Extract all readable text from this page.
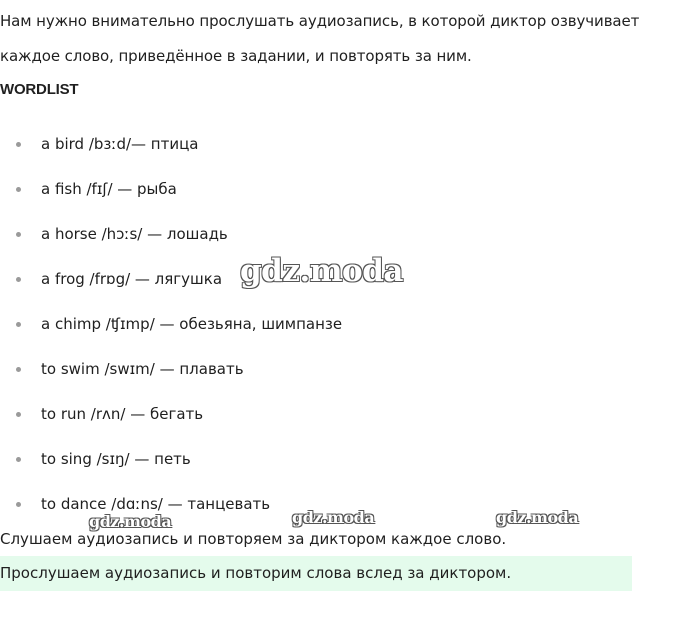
Нам нужно внимательно прослушать аудиозапись, в которой диктор озвучивает каждое слово, приведённое в задании, и повторять за ним.
WORDLIST
a bird /bɜːd/— птица
a fish /fɪʃ/ — рыба
a horse /hɔːs/ — лошадь
a frog /frɒg/ — лягушка
a chimp /ʧɪmp/ — обезьяна, шимпанзе
to swim /swɪm/ — плавать
to run /rʌn/ — бегать
to sing /sɪŋ/ — петь
to dance /dɑːns/ — танцевать
gdz.moda
gdz.moda	gdz.moda	gdz.moda
Слушаем аудиозапись и повторяем за диктором каждое слово.
Прослушаем аудиозапись и повторим слова вслед за диктором.
